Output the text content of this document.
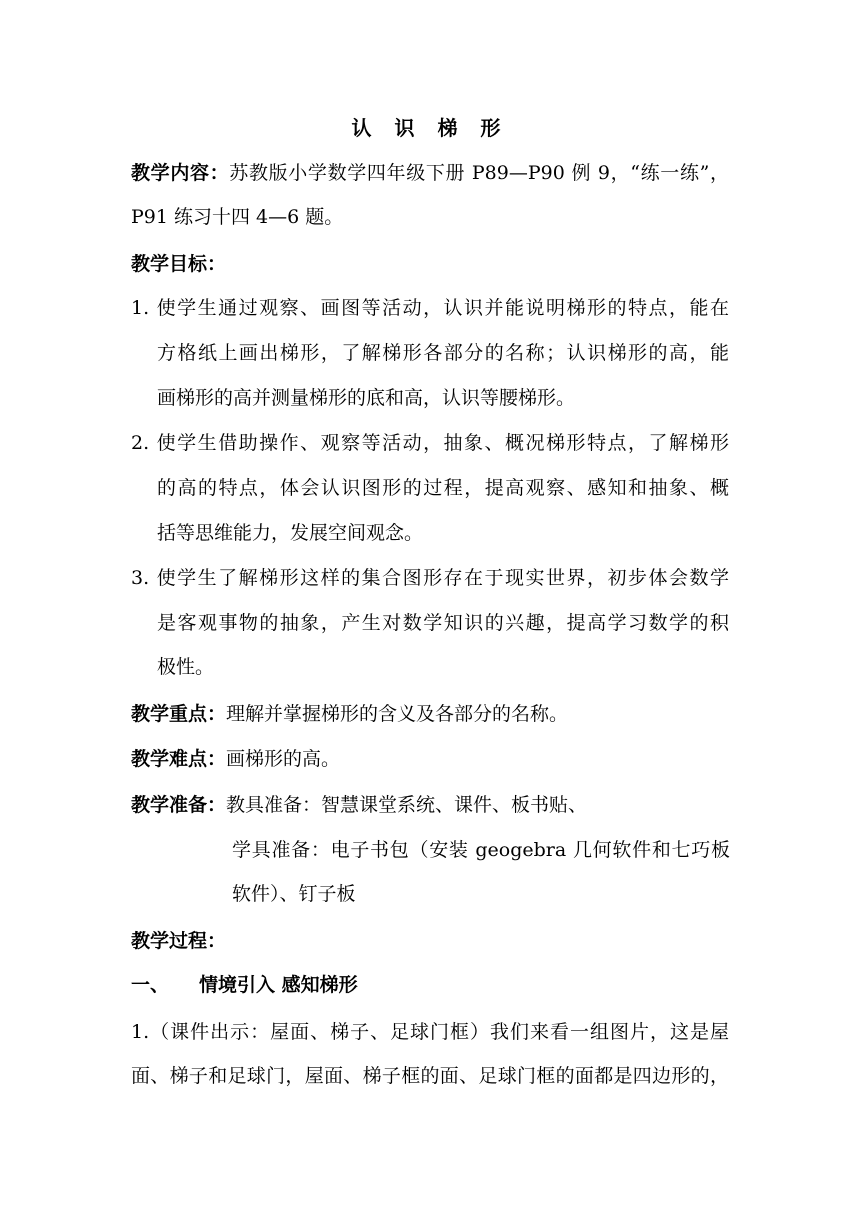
认 识 梯 形
教学内容：苏教版小学数学四年级下册 P89—P90 例 9，“练一练”，
P91 练习十四 4—6 题。
教学目标：
1. 使学生通过观察、画图等活动，认识并能说明梯形的特点，能在
方格纸上画出梯形，了解梯形各部分的名称；认识梯形的高，能
画梯形的高并测量梯形的底和高，认识等腰梯形。
2. 使学生借助操作、观察等活动，抽象、概况梯形特点，了解梯形
的高的特点，体会认识图形的过程，提高观察、感知和抽象、概
括等思维能力，发展空间观念。
3. 使学生了解梯形这样的集合图形存在于现实世界，初步体会数学
是客观事物的抽象，产生对数学知识的兴趣，提高学习数学的积
极性。
教学重点：理解并掌握梯形的含义及各部分的名称。
教学难点：画梯形的高。
教学准备：教具准备：智慧课堂系统、课件、板书贴、
学具准备：电子书包（安装 geogebra 几何软件和七巧板
软件）、钉子板
教学过程：
一、 情境引入 感知梯形
1.（课件出示：屋面、梯子、足球门框）我们来看一组图片，这是屋
面、梯子和足球门，屋面、梯子框的面、足球门框的面都是四边形的，
